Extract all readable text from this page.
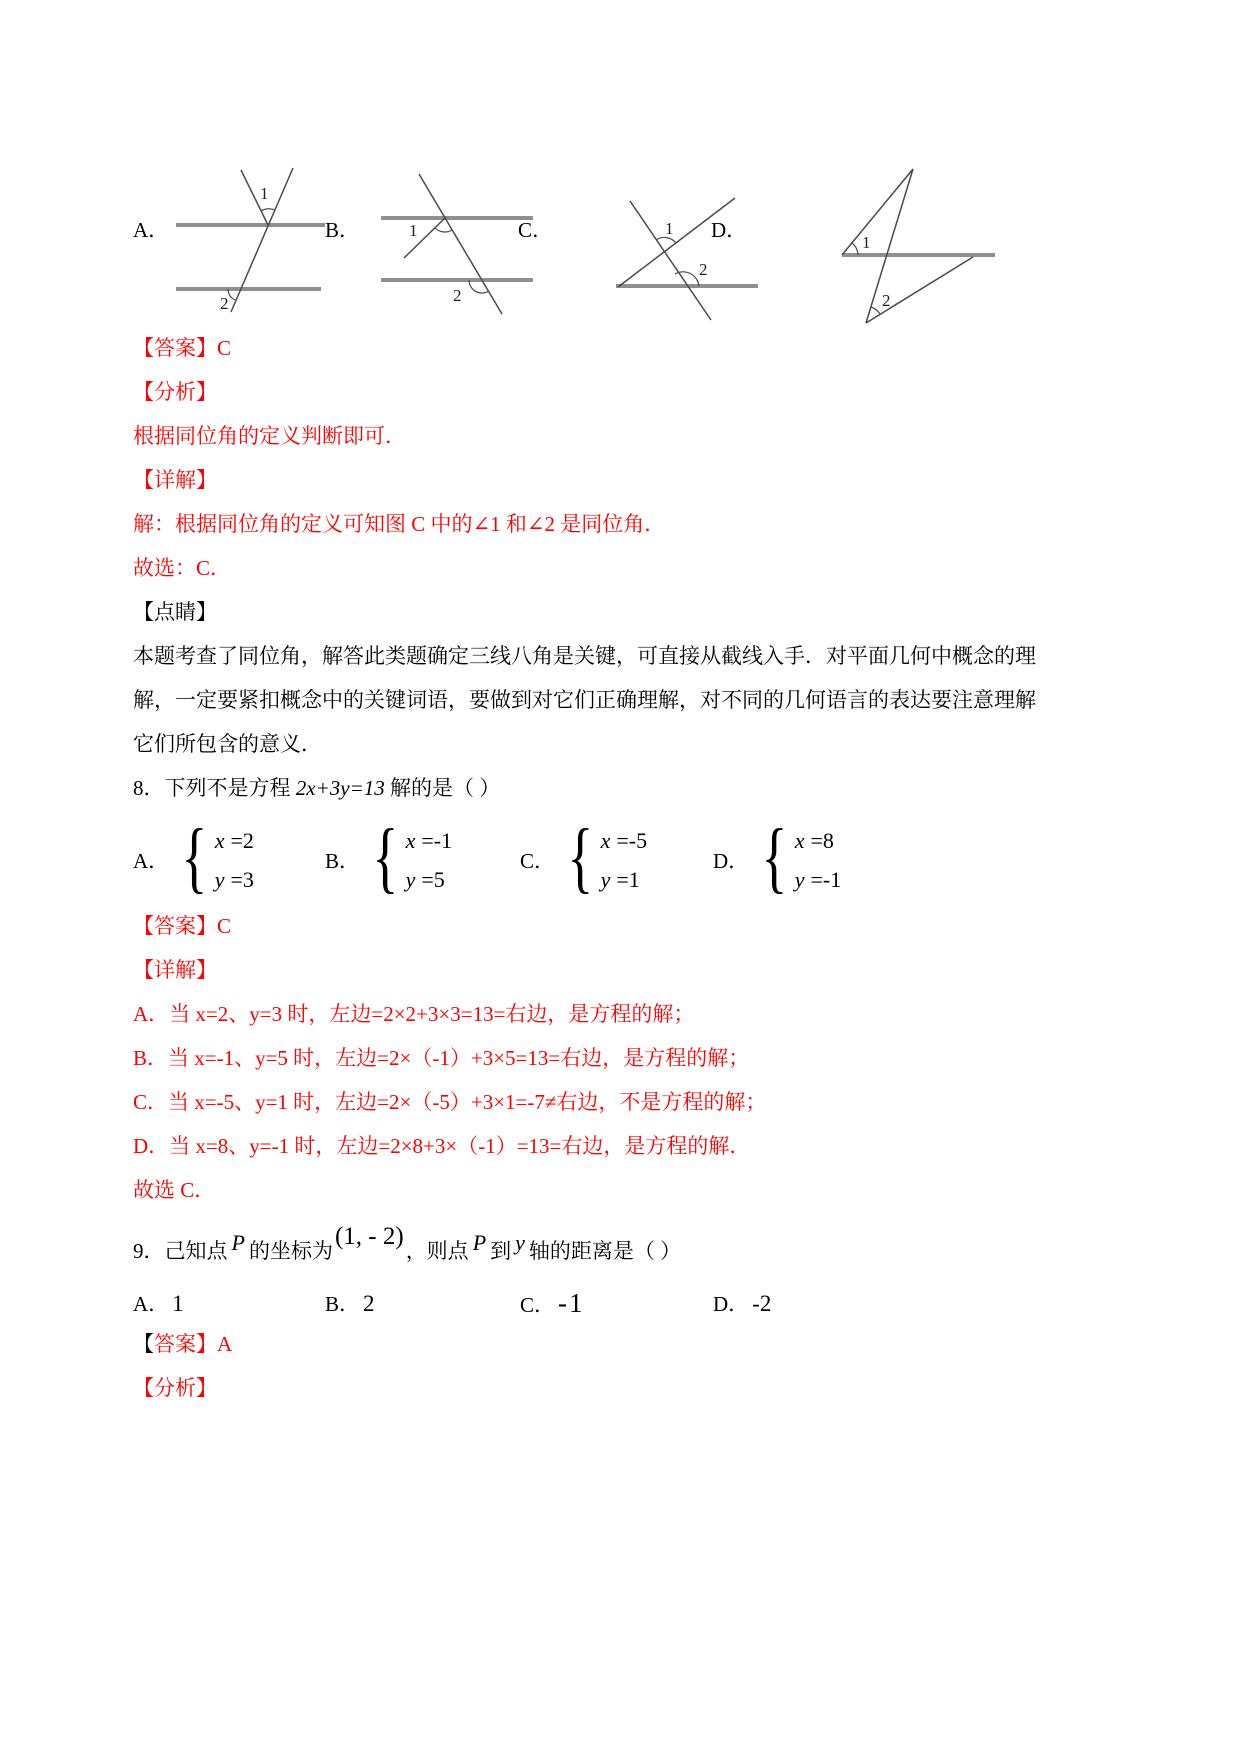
A．
1
2
B．	1
2
C．	1
2
D．
1
2

【答案】C

【分析】

根据同位角的定义判断即可．

【详解】

解：根据同位角的定义可知图 C 中的∠1 和∠2 是同位角．

故选：C．

【点睛】

本题考查了同位角，解答此类题确定三线八角是关键，可直接从截线入手．对平面几何中概念的理

解，一定要紧扣概念中的关键词语，要做到对它们正确理解，对不同的几何语言的表达要注意理解

它们所包含的意义．

8．下列不是方程 2x+3y=13 解的是（ ）

A． { x =2
y =3
B． { x =-1
y =5
C． { x =-5
y =1
D． { x =8
y =-1

【答案】C

【详解】

A．当 x=2、y=3 时，左边=2×2+3×3=13=右边，是方程的解；

B．当 x=-1、y=5 时，左边=2×（-1）+3×5=13=右边，是方程的解；

C．当 x=-5、y=1 时，左边=2×（-5）+3×1=-7≠右边，不是方程的解；

D．当 x=8、y=-1 时，左边=2×8+3×（-1）=13=右边，是方程的解．

故选 C．

9．己知点 P 的坐标为(1, - 2)，则点 P 到 y 轴的距离是（ ）

A． 1	B． 2	C． -1	D． -2

【答案】A

【分析】
